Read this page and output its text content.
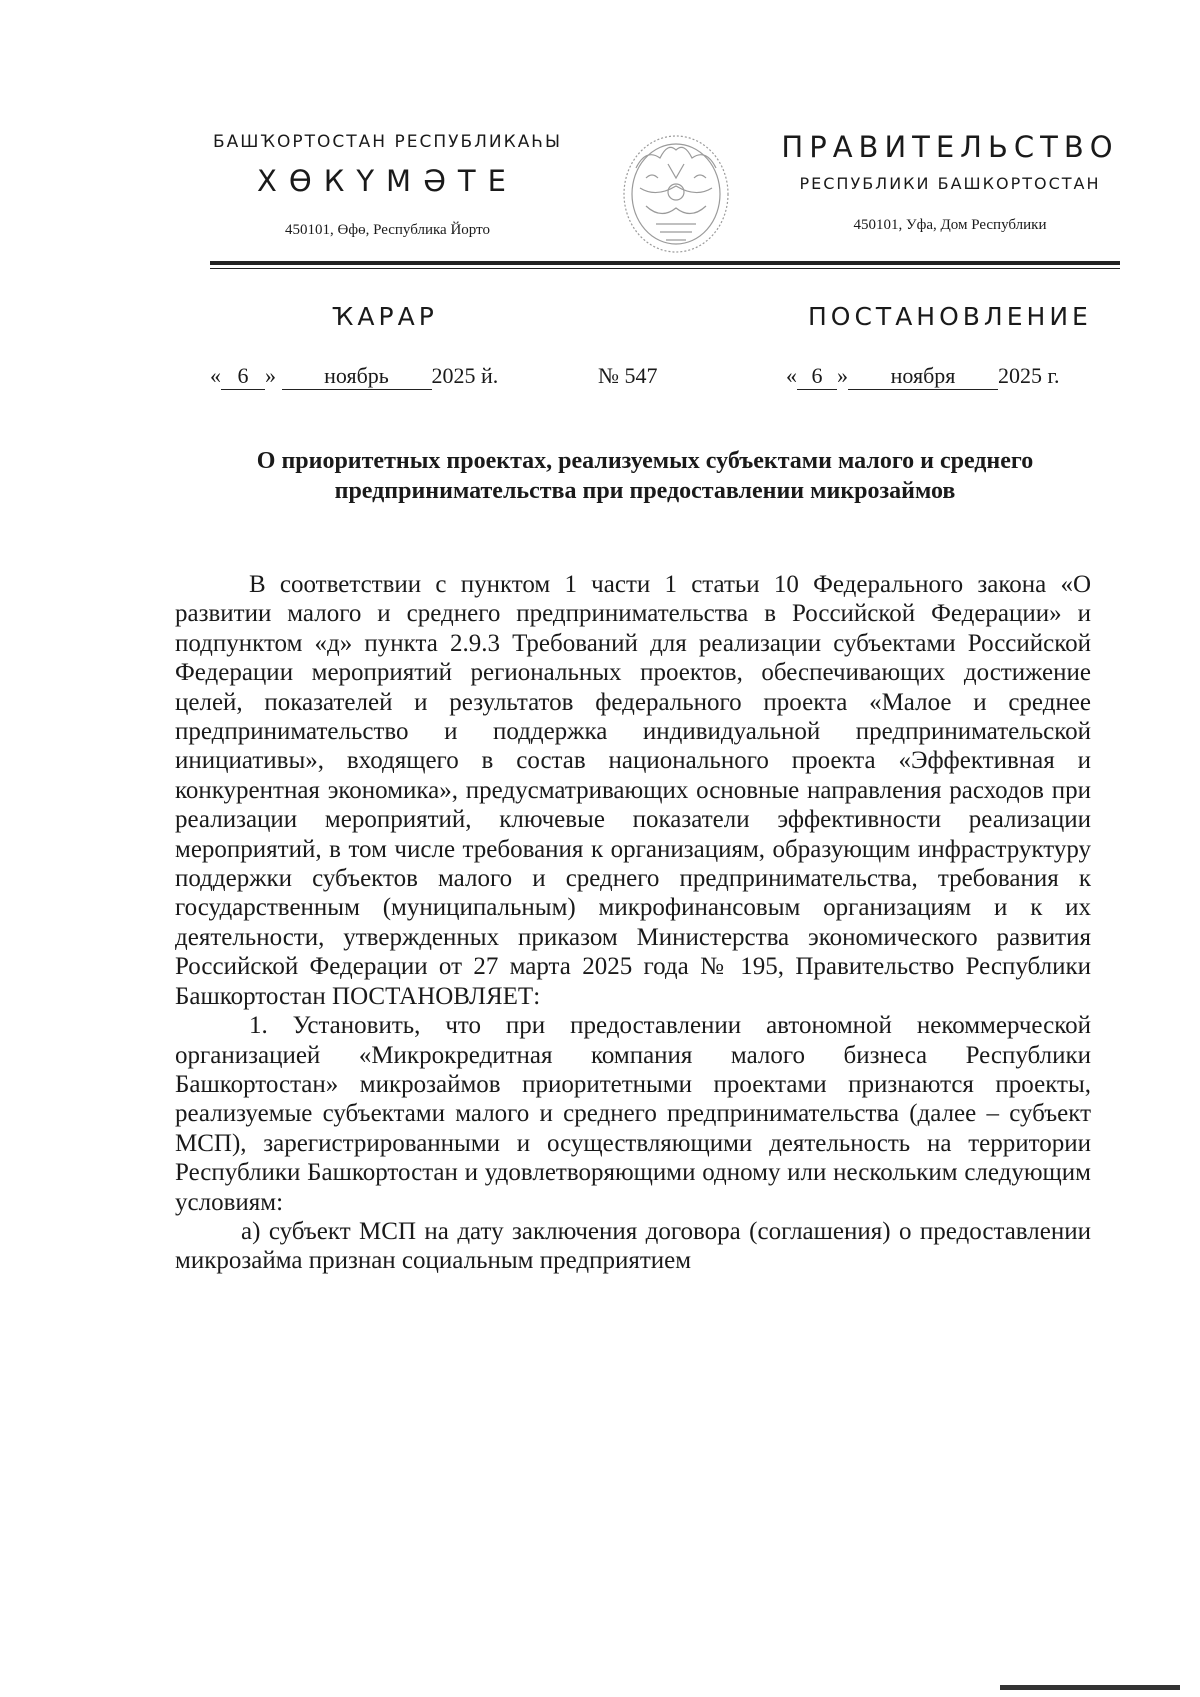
БАШҠОРТОСТАН РЕСПУБЛИКАҺЫ
ХӨКҮМӘТЕ
450101, Өфө, Республика Йорто
ПРАВИТЕЛЬСТВО
РЕСПУБЛИКИ БАШКОРТОСТАН
450101, Уфа, Дом Республики
ҠАРАР	ПОСТАНОВЛЕНИЕ
« 6 » ноябрь 2025 й.	№ 547	« 6 » ноября 2025 г.
О приоритетных проектах, реализуемых субъектами малого и среднего предпринимательства при предоставлении микрозаймов

В соответствии с пунктом 1 части 1 статьи 10 Федерального закона «О развитии малого и среднего предпринимательства в Российской Федерации» и подпунктом «д» пункта 2.9.3 Требований для реализации субъектами Российской Федерации мероприятий региональных проектов, обеспечивающих достижение целей, показателей и результатов федерального проекта «Малое и среднее предпринимательство и поддержка индивидуальной предпринимательской инициативы», входящего в состав национального проекта «Эффективная и конкурентная экономика», предусматривающих основные направления расходов при реализации мероприятий, ключевые показатели эффективности реализации мероприятий, в том числе требования к организациям, образующим инфраструктуру поддержки субъектов малого и среднего предпринимательства, требования к государственным (муниципальным) микрофинансовым организациям и к их деятельности, утвержденных приказом Министерства экономического развития Российской Федерации от 27 марта 2025 года № 195, Правительство Республики Башкортостан ПОСТАНОВЛЯЕТ:

1. Установить, что при предоставлении автономной некоммерческой организацией «Микрокредитная компания малого бизнеса Республики Башкортостан» микрозаймов приоритетными проектами признаются проекты, реализуемые субъектами малого и среднего предпринимательства (далее – субъект МСП), зарегистрированными и осуществляющими деятельность на территории Республики Башкортостан и удовлетворяющими одному или нескольким следующим условиям:

а) субъект МСП на дату заключения договора (соглашения) о предоставлении микрозайма признан социальным предприятием
